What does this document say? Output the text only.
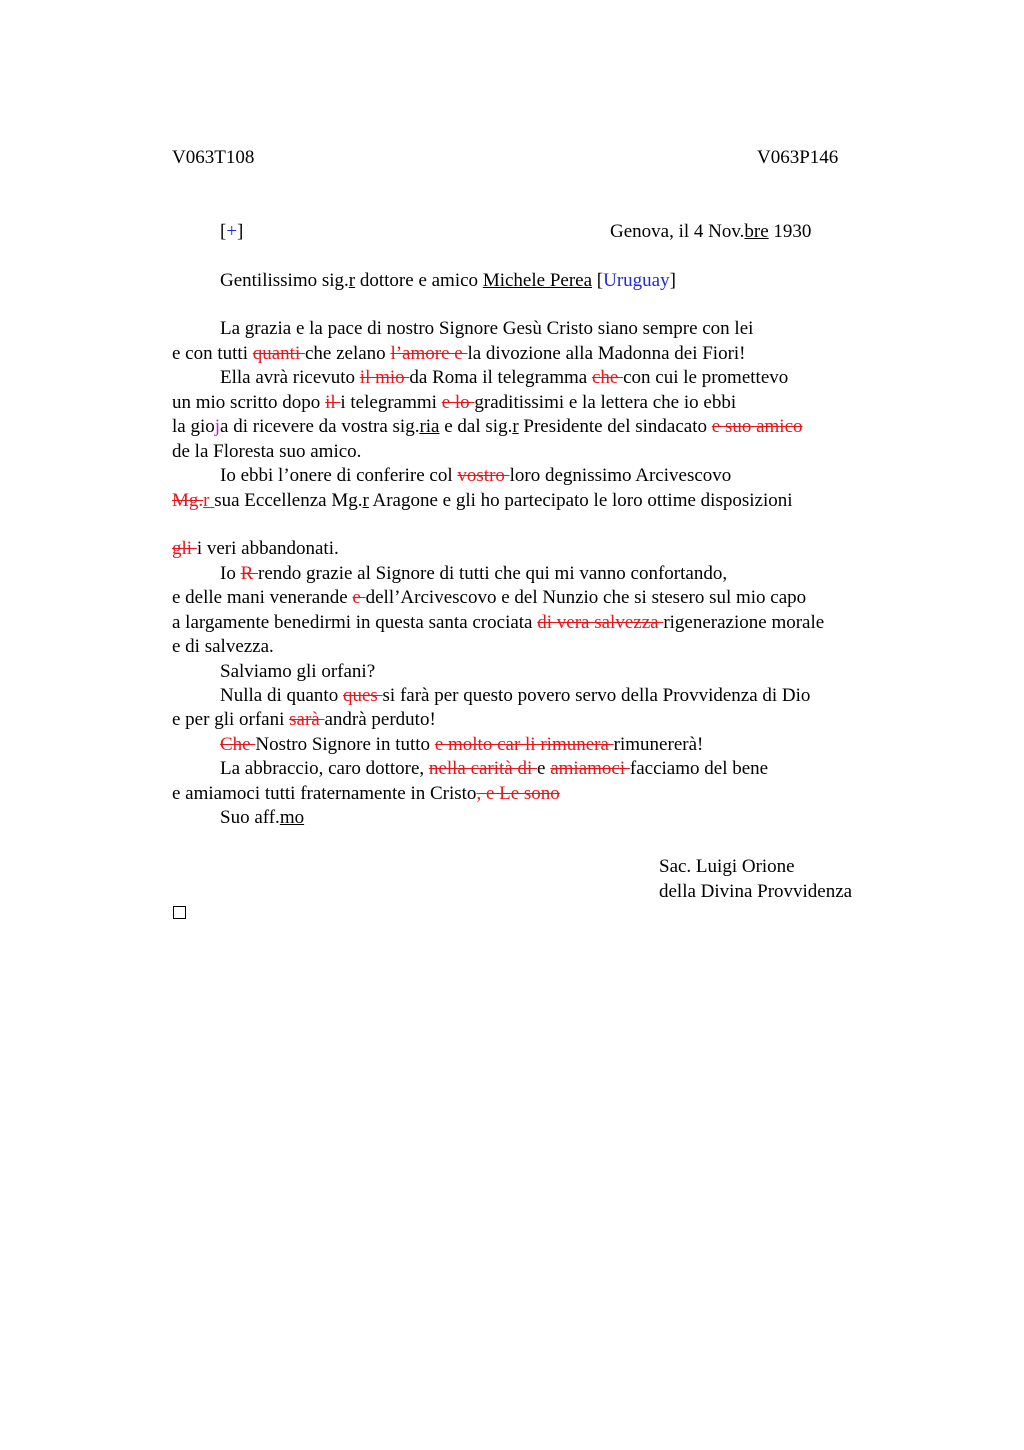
V063T108	V063P146
[+]	Genova, il 4 Nov.bre 1930
Gentilissimo sig.r dottore e amico Michele Perea [Uruguay]
La grazia e la pace di nostro Signore Gesù Cristo siano sempre con lei
e con tutti quanti che zelano l’amore e la divozione alla Madonna dei Fiori!
Ella avrà ricevuto il mio da Roma il telegramma che con cui le promettevo
un mio scritto dopo il i telegrammi e lo graditissimi e la lettera che io ebbi
la gioja di ricevere da vostra sig.ria e dal sig.r Presidente del sindacato e suo amico
de la Floresta suo amico.
Io ebbi l’onere di conferire col vostro loro degnissimo Arcivescovo
Mg.r sua Eccellenza Mg.r Aragone e gli ho partecipato le loro ottime disposizioni
gli i veri abbandonati.
Io R rendo grazie al Signore di tutti che qui mi vanno confortando,
e delle mani venerande e dell’Arcivescovo e del Nunzio che si stesero sul mio capo
a largamente benedirmi in questa santa crociata di vera salvezza rigenerazione morale
e di salvezza.
Salviamo gli orfani?
Nulla di quanto ques si farà per questo povero servo della Provvidenza di Dio
e per gli orfani sarà andrà perduto!
Che Nostro Signore in tutto e molto car li rimunera rimunererà!
La abbraccio, caro dottore, nella carità di e amiamoci facciamo del bene
e amiamoci tutti fraternamente in Cristo, e Le sono
Suo aff.mo
Sac. Luigi Orione
della Divina Provvidenza
